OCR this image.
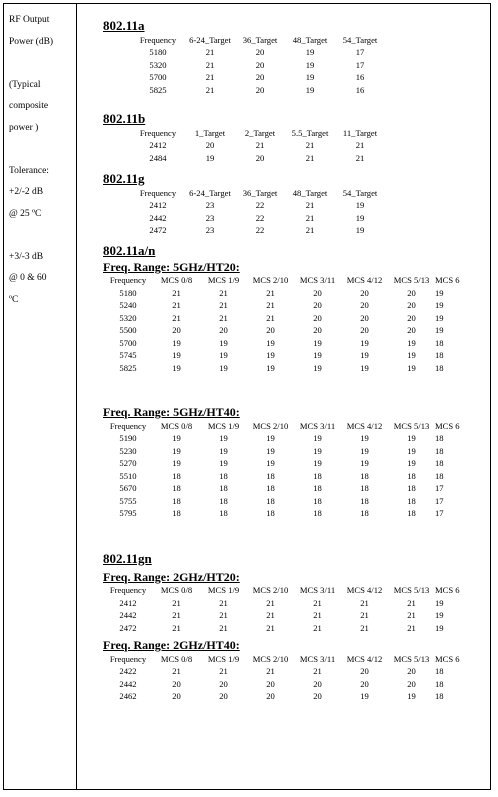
RF Output
Power (dB)

(Typical
composite
power )

Tolerance:
+2/-2 dB
@ 25 ºC

+3/-3 dB
@ 0 & 60
ºC
802.11a
Frequency	6-24_Target	36_Target	48_Target	54_Target
5180	21	20	19	17
5320	21	20	19	17
5700	21	20	19	16
5825	21	20	19	16
802.11b
Frequency	1_Target	2_Target	5.5_Target	11_Target
2412	20	21	21	21
2484	19	20	21	21
802.11g
Frequency	6-24_Target	36_Target	48_Target	54_Target
2412	23	22	21	19
2442	23	22	21	19
2472	23	22	21	19
802.11a/n
Freq. Range: 5GHz/HT20:
Frequency	MCS 0/8	MCS 1/9	MCS 2/10	MCS 3/11	MCS 4/12	MCS 5/13	MCS 6
5180	21	21	21	20	20	20	19
5240	21	21	21	20	20	20	19
5320	21	21	21	20	20	20	19
5500	20	20	20	20	20	20	19
5700	19	19	19	19	19	19	18
5745	19	19	19	19	19	19	18
5825	19	19	19	19	19	19	18
Freq. Range: 5GHz/HT40:
Frequency	MCS 0/8	MCS 1/9	MCS 2/10	MCS 3/11	MCS 4/12	MCS 5/13	MCS 6
5190	19	19	19	19	19	19	18
5230	19	19	19	19	19	19	18
5270	19	19	19	19	19	19	18
5510	18	18	18	18	18	18	18
5670	18	18	18	18	18	18	17
5755	18	18	18	18	18	18	17
5795	18	18	18	18	18	18	17
802.11gn
Freq. Range: 2GHz/HT20:
Frequency	MCS 0/8	MCS 1/9	MCS 2/10	MCS 3/11	MCS 4/12	MCS 5/13	MCS 6
2412	21	21	21	21	21	21	19
2442	21	21	21	21	21	21	19
2472	21	21	21	21	21	21	19
Freq. Range: 2GHz/HT40:
Frequency	MCS 0/8	MCS 1/9	MCS 2/10	MCS 3/11	MCS 4/12	MCS 5/13	MCS 6
2422	21	21	21	21	20	20	18
2442	20	20	20	20	20	20	18
2462	20	20	20	20	19	19	18
